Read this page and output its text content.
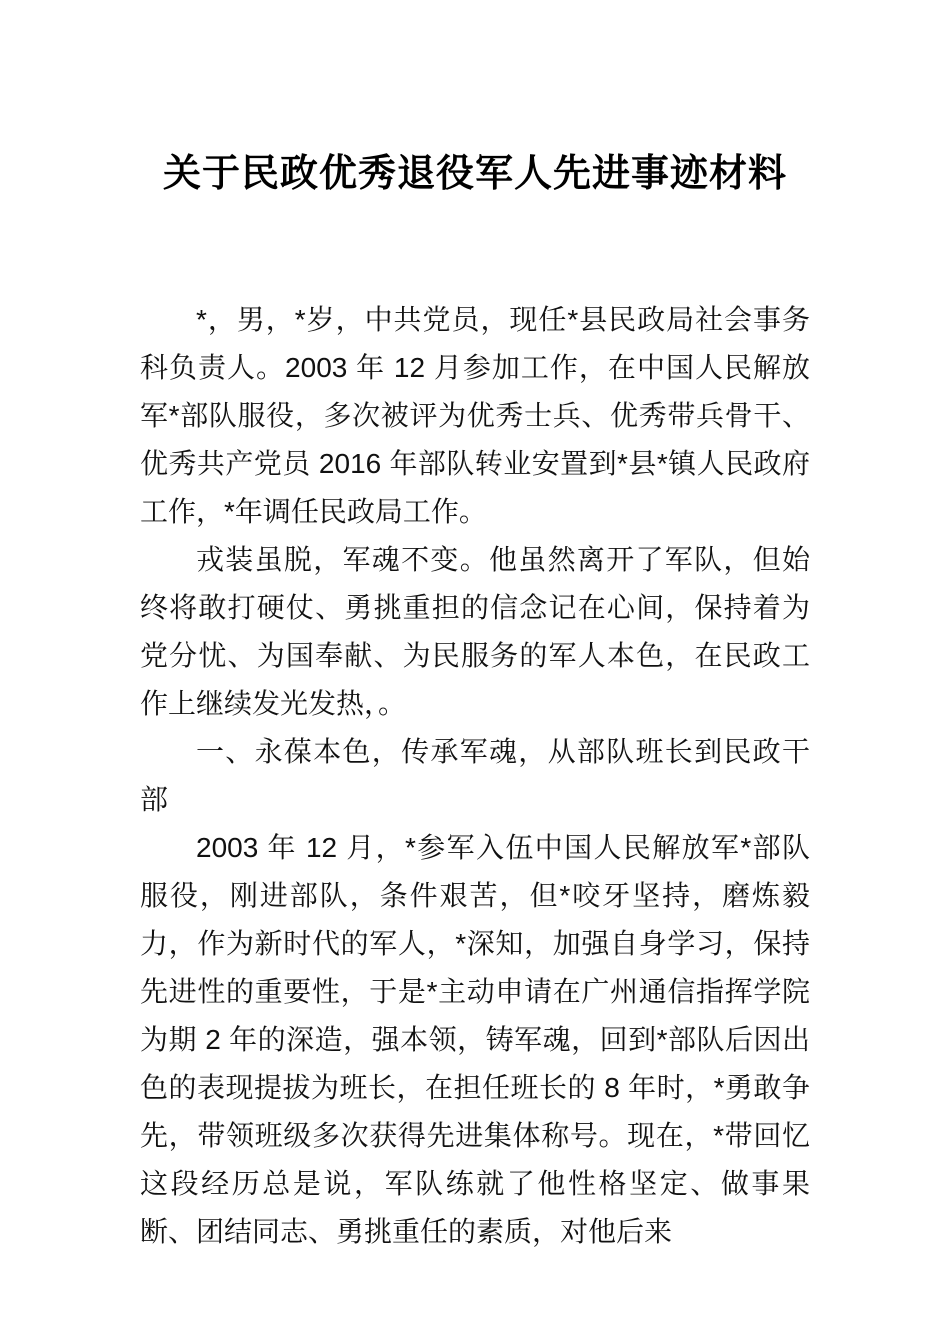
关于民政优秀退役军人先进事迹材料

*，男，*岁，中共党员，现任*县民政局社会事务科负责人。2003 年 12 月参加工作，在中国人民解放军*部队服役，多次被评为优秀士兵、优秀带兵骨干、优秀共产党员 2016 年部队转业安置到*县*镇人民政府工作，*年调任民政局工作。

戎装虽脱，军魂不变。他虽然离开了军队，但始终将敢打硬仗、勇挑重担的信念记在心间，保持着为党分忧、为国奉献、为民服务的军人本色，在民政工作上继续发光发热，。

一、永葆本色，传承军魂，从部队班长到民政干部

2003 年 12 月，*参军入伍中国人民解放军*部队服役，刚进部队，条件艰苦，但*咬牙坚持，磨炼毅力，作为新时代的军人，*深知，加强自身学习，保持先进性的重要性，于是*主动申请在广州通信指挥学院为期 2 年的深造，强本领，铸军魂，回到*部队后因出色的表现提拔为班长，在担任班长的 8 年时，*勇敢争先，带领班级多次获得先进集体称号。现在，*带回忆这段经历总是说，军队练就了他性格坚定、做事果断、团结同志、勇挑重任的素质，对他后来
